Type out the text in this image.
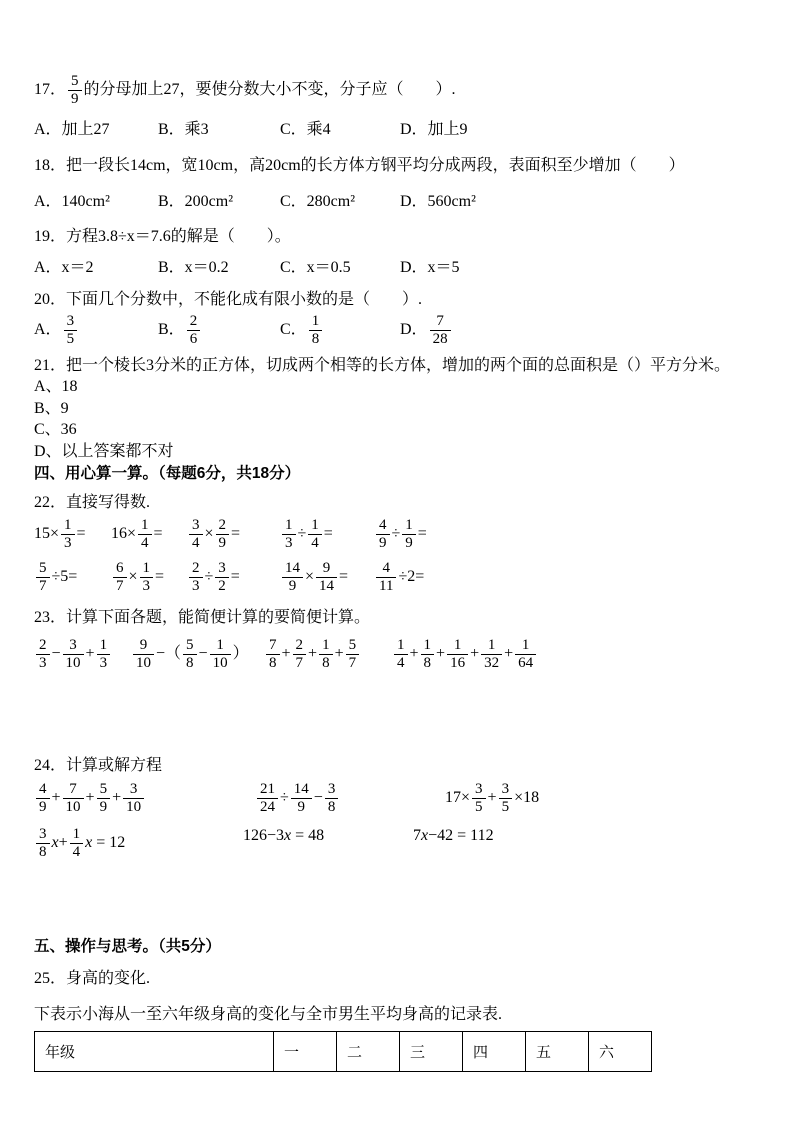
17． $\frac{5}{9}$ 的分母加上27，要使分数大小不变，分子应（　　）.
A．加上27	B．乘3	C．乘4	D．加上9
18．把一段长14cm，宽10cm，高20cm的长方体方钢平均分成两段，表面积至少增加（　　）
A．140cm²	B．200cm²	C．280cm²	D．560cm²
19．方程3.8÷x＝7.6的解是（　　）。
A．x＝2	B．x＝0.2	C．x＝0.5	D．x＝5
20．下面几个分数中，不能化成有限小数的是（　　）.
A． $\frac{3}{5}$	B． $\frac{2}{6}$	C． $\frac{1}{8}$	D． $\frac{7}{28}$
21．把一个棱长3分米的正方体，切成两个相等的长方体，增加的两个面的总面积是（）平方分米。
A、18
B、9
C、36
D、以上答案都不对
四、用心算一算。（每题6分，共18分）
22．直接写得数.
$15\times \frac{1}{3}$ =	$16\times \frac{1}{4}$ =	$\frac{3}{4} \times \frac{2}{9}$ =	$\frac{1}{3} \div \frac{1}{4}$ =	$\frac{4}{9} \div \frac{1}{9}$ =
$\frac{5}{7} \div 5=$	$\frac{6}{7} \times \frac{1}{3}$ =	$\frac{2}{3} \div \frac{3}{2}$ =	$\frac{14}{9} \times \frac{9}{14}$ =	$\frac{4}{11} \div 2=$
23．计算下面各题，能简便计算的要简便计算。
$\frac{2}{3} - \frac{3}{10} + \frac{1}{3} \frac{9}{10}$ −（ $\frac{5}{8} - \frac{1}{10}$ ）	$\frac{7}{8} + \frac{2}{7} + \frac{1}{8} + \frac{5}{7} \frac{1}{4} + \frac{1}{8} + \frac{1}{16} + \frac{1}{32} + \frac{1}{64}$
24．计算或解方程
$\frac{4}{9} + \frac{7}{10} + \frac{5}{9} + \frac{3}{10}$	$\frac{21}{24} \div \frac{14}{9} - \frac{3}{8}$	$17\times \frac{3}{5} + \frac{3}{5} \times 18$
$\frac{3}{8} x+ \frac{1}{4}$ x = 12	126−3x = 48	7x−42 = 112
五、操作与思考。（共5分）
25．身高的变化.
下表示小海从一至六年级身高的变化与全市男生平均身高的记录表.
年级	一	二	三	四	五	六
